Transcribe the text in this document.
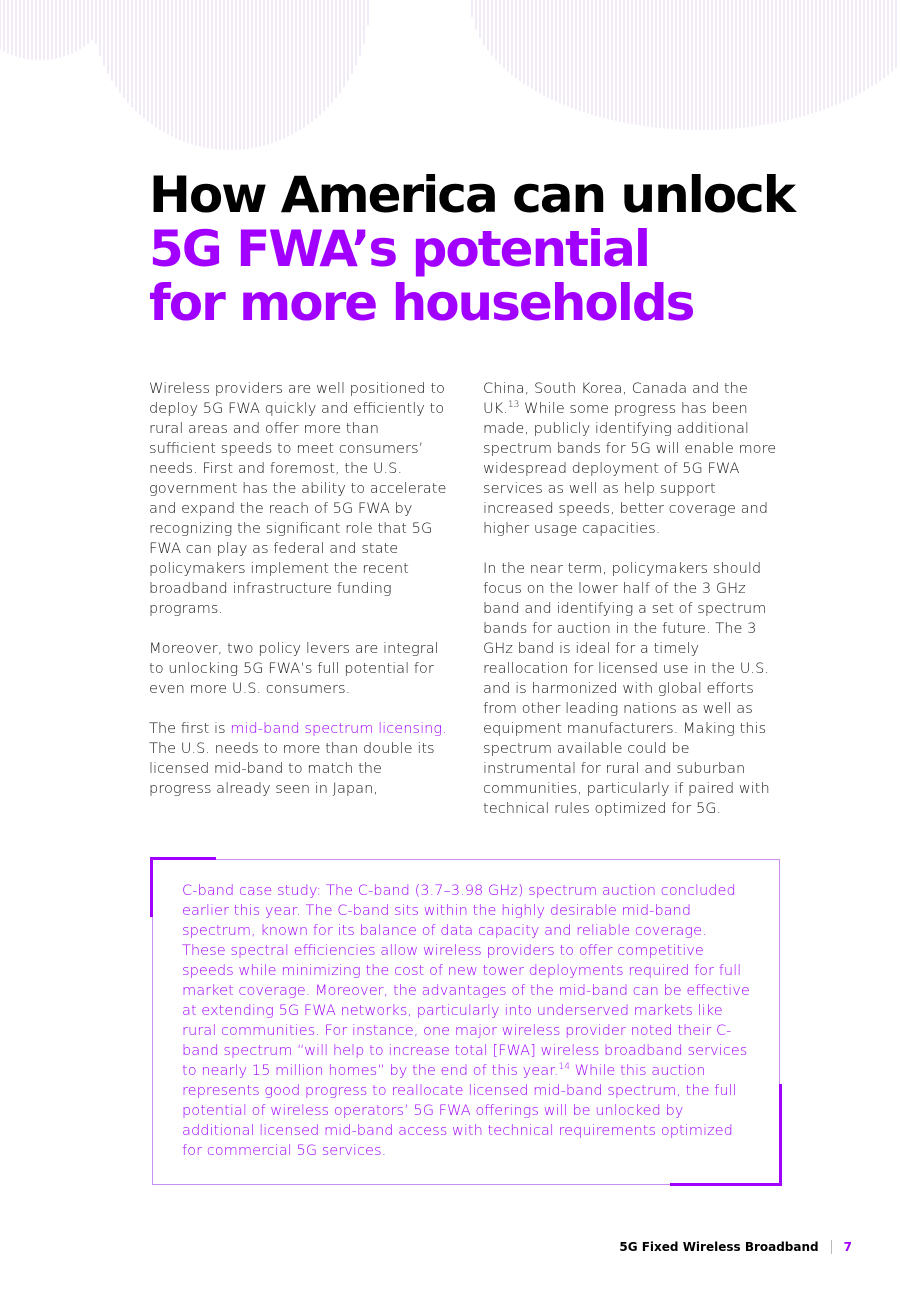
How America can unlock
5G FWA’s potential
for more households

Wireless providers are well positioned to deploy 5G FWA quickly and efficiently to rural areas and offer more than sufficient speeds to meet consumers’ needs. First and foremost, the U.S. government has the ability to accelerate and expand the reach of 5G FWA by recognizing the significant role that 5G FWA can play as federal and state policymakers implement the recent broadband infrastructure funding programs.

Moreover, two policy levers are integral to unlocking 5G FWA’s full potential for even more U.S. consumers.

The first is mid-band spectrum licensing. The U.S. needs to more than double its licensed mid-band to match the progress already seen in Japan,

China, South Korea, Canada and the UK.$^{13}$ While some progress has been made, publicly identifying additional spectrum bands for 5G will enable more widespread deployment of 5G FWA services as well as help support increased speeds, better coverage and higher usage capacities.

In the near term, policymakers should focus on the lower half of the 3 GHz band and identifying a set of spectrum bands for auction in the future. The 3 GHz band is ideal for a timely reallocation for licensed use in the U.S. and is harmonized with global efforts from other leading nations as well as equipment manufacturers. Making this spectrum available could be instrumental for rural and suburban communities, particularly if paired with technical rules optimized for 5G.

C-band case study: The C-band (3.7–3.98 GHz) spectrum auction concluded earlier this year. The C-band sits within the highly desirable mid-band spectrum, known for its balance of data capacity and reliable coverage. These spectral efficiencies allow wireless providers to offer competitive speeds while minimizing the cost of new tower deployments required for full market coverage. Moreover, the advantages of the mid-band can be effective at extending 5G FWA networks, particularly into underserved markets like rural communities. For instance, one major wireless provider noted their C-band spectrum “will help to increase total [FWA] wireless broadband services to nearly 15 million homes” by the end of this year.$^{14}$ While this auction represents good progress to reallocate licensed mid-band spectrum, the full potential of wireless operators’ 5G FWA offerings will be unlocked by additional licensed mid-band access with technical requirements optimized for commercial 5G services.
5G Fixed Wireless Broadband 7
